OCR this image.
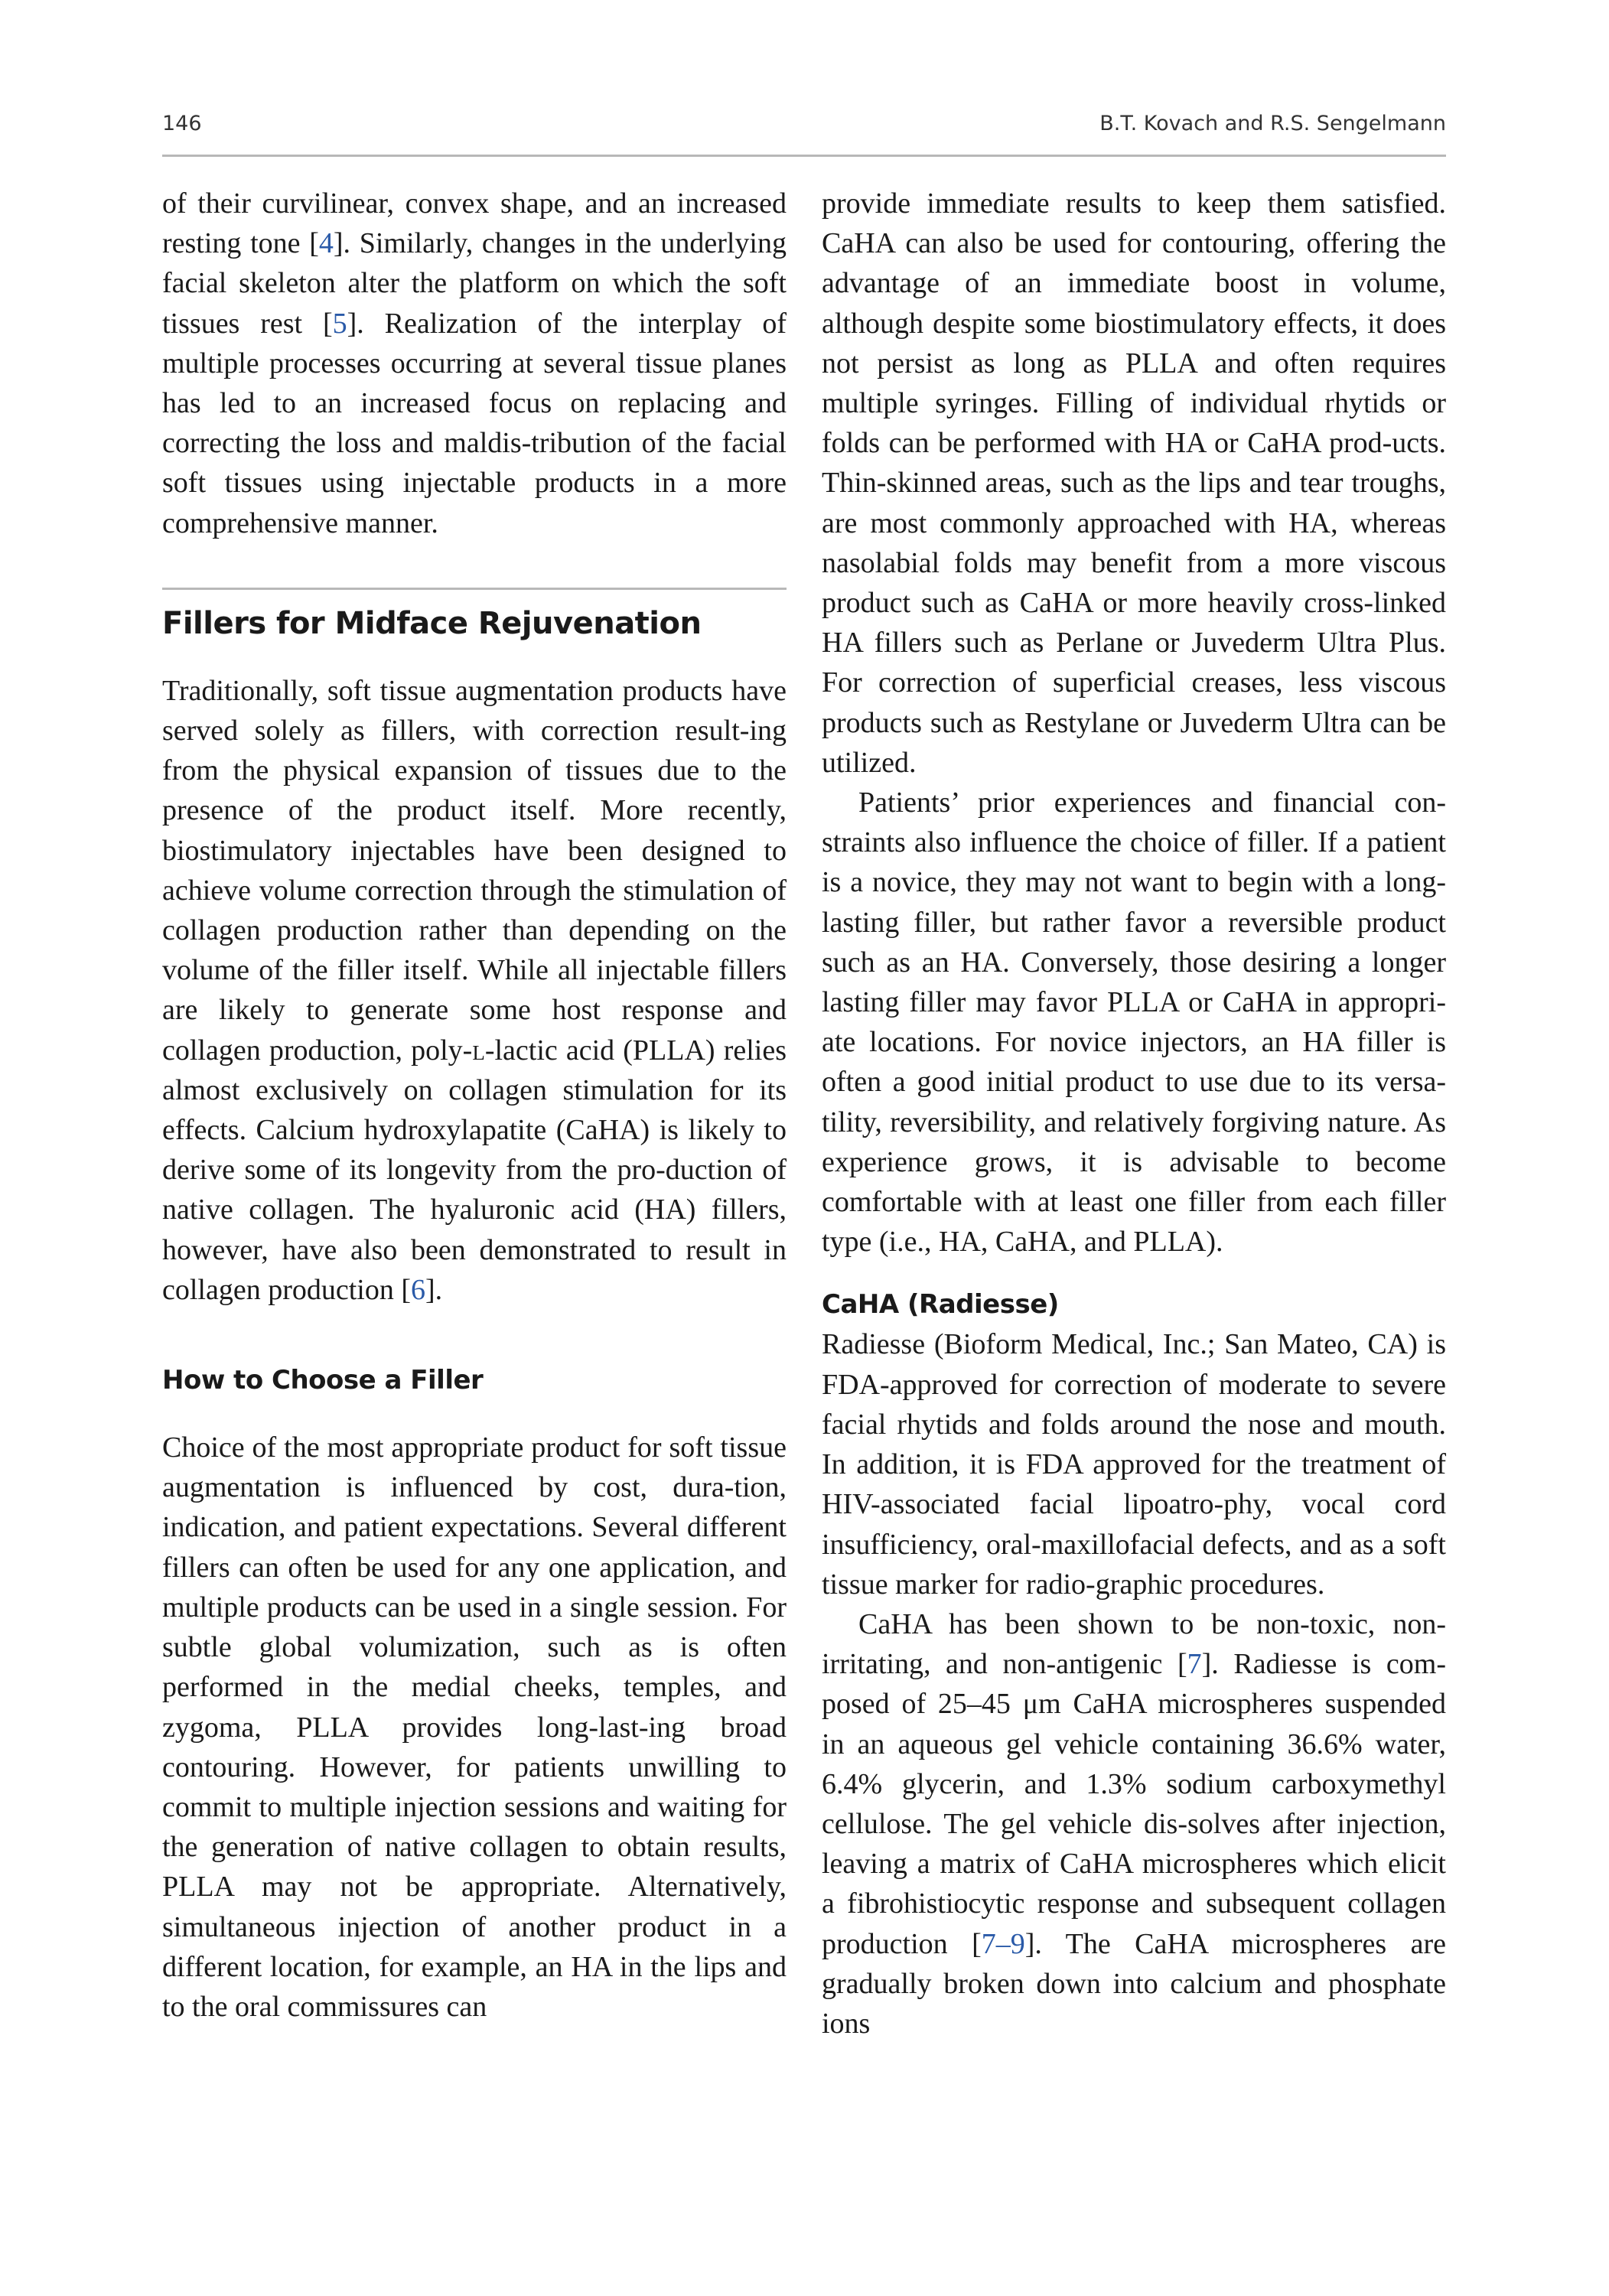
146	B.T. Kovach and R.S. Sengelmann

of their curvilinear, convex shape, and an increased resting tone [4]. Similarly, changes in the underlying facial skeleton alter the platform on which the soft tissues rest [5]. Realization of the interplay of multiple processes occurring at several tissue planes has led to an increased focus on replacing and correcting the loss and maldis-tribution of the facial soft tissues using injectable products in a more comprehensive manner.

Fillers for Midface Rejuvenation

Traditionally, soft tissue augmentation products have served solely as fillers, with correction result-ing from the physical expansion of tissues due to the presence of the product itself. More recently, biostimulatory injectables have been designed to achieve volume correction through the stimulation of collagen production rather than depending on the volume of the filler itself. While all injectable fillers are likely to generate some host response and collagen production, poly-l-lactic acid (PLLA) relies almost exclusively on collagen stimulation for its effects. Calcium hydroxylapatite (CaHA) is likely to derive some of its longevity from the pro-duction of native collagen. The hyaluronic acid (HA) fillers, however, have also been demonstrated to result in collagen production [6].

How to Choose a Filler

Choice of the most appropriate product for soft tissue augmentation is influenced by cost, dura-tion, indication, and patient expectations. Several different fillers can often be used for any one application, and multiple products can be used in a single session. For subtle global volumization, such as is often performed in the medial cheeks, temples, and zygoma, PLLA provides long-last-ing broad contouring. However, for patients unwilling to commit to multiple injection sessions and waiting for the generation of native collagen to obtain results, PLLA may not be appropriate. Alternatively, simultaneous injection of another product in a different location, for example, an HA in the lips and to the oral commissures can

provide immediate results to keep them satisfied. CaHA can also be used for contouring, offering the advantage of an immediate boost in volume, although despite some biostimulatory effects, it does not persist as long as PLLA and often requires multiple syringes. Filling of individual rhytids or folds can be performed with HA or CaHA prod-ucts. Thin-skinned areas, such as the lips and tear troughs, are most commonly approached with HA, whereas nasolabial folds may benefit from a more viscous product such as CaHA or more heavily cross-linked HA fillers such as Perlane or Juvederm Ultra Plus. For correction of superficial creases, less viscous products such as Restylane or Juvederm Ultra can be utilized.

Patients’ prior experiences and financial con-straints also influence the choice of filler. If a patient is a novice, they may not want to begin with a long-lasting filler, but rather favor a reversible product such as an HA. Conversely, those desiring a longer lasting filler may favor PLLA or CaHA in appropri-ate locations. For novice injectors, an HA filler is often a good initial product to use due to its versa-tility, reversibility, and relatively forgiving nature. As experience grows, it is advisable to become comfortable with at least one filler from each filler type (i.e., HA, CaHA, and PLLA).

CaHA (Radiesse)

Radiesse (Bioform Medical, Inc.; San Mateo, CA) is FDA-approved for correction of moderate to severe facial rhytids and folds around the nose and mouth. In addition, it is FDA approved for the treatment of HIV-associated facial lipoatro-phy, vocal cord insufficiency, oral-maxillofacial defects, and as a soft tissue marker for radio-graphic procedures.

CaHA has been shown to be non-toxic, non-irritating, and non-antigenic [7]. Radiesse is com-posed of 25–45 μm CaHA microspheres suspended in an aqueous gel vehicle containing 36.6% water, 6.4% glycerin, and 1.3% sodium carboxymethyl cellulose. The gel vehicle dis-solves after injection, leaving a matrix of CaHA microspheres which elicit a fibrohistiocytic response and subsequent collagen production [7–9]. The CaHA microspheres are gradually broken down into calcium and phosphate ions
